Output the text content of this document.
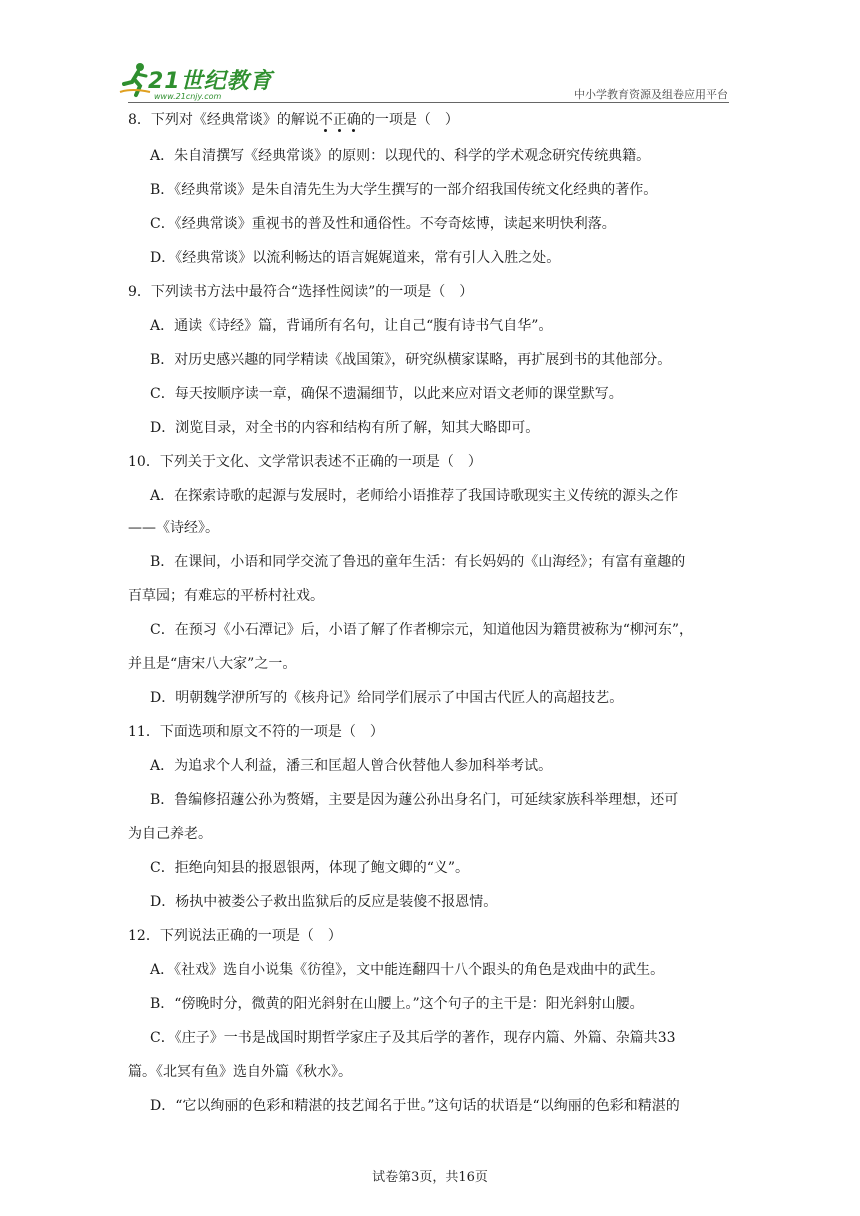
21世纪教育
www.21cnjy.com	中小学教育资源及组卷应用平台
8．下列对《经典常谈》的解说不正确的一项是（　）
A．朱自清撰写《经典常谈》的原则：以现代的、科学的学术观念研究传统典籍。
B．《经典常谈》是朱自清先生为大学生撰写的一部介绍我国传统文化经典的著作。
C．《经典常谈》重视书的普及性和通俗性。不夸奇炫博，读起来明快利落。
D．《经典常谈》以流利畅达的语言娓娓道来，常有引人入胜之处。
9．下列读书方法中最符合“选择性阅读”的一项是（　）
A．通读《诗经》篇，背诵所有名句，让自己“腹有诗书气自华”。
B．对历史感兴趣的同学精读《战国策》，研究纵横家谋略，再扩展到书的其他部分。
C．每天按顺序读一章，确保不遗漏细节，以此来应对语文老师的课堂默写。
D．浏览目录，对全书的内容和结构有所了解，知其大略即可。
10．下列关于文化、文学常识表述不正确的一项是（　）
A．在探索诗歌的起源与发展时，老师给小语推荐了我国诗歌现实主义传统的源头之作
——《诗经》。
B．在课间，小语和同学交流了鲁迅的童年生活：有长妈妈的《山海经》；有富有童趣的
百草园；有难忘的平桥村社戏。
C．在预习《小石潭记》后，小语了解了作者柳宗元，知道他因为籍贯被称为“柳河东”，
并且是“唐宋八大家”之一。
D．明朝魏学洢所写的《核舟记》给同学们展示了中国古代匠人的高超技艺。
11．下面选项和原文不符的一项是（　）
A．为追求个人利益，潘三和匡超人曾合伙替他人参加科举考试。
B．鲁编修招蘧公孙为赘婿，主要是因为蘧公孙出身名门，可延续家族科举理想，还可
为自己养老。
C．拒绝向知县的报恩银两，体现了鲍文卿的“义”。
D．杨执中被娄公子救出监狱后的反应是装傻不报恩情。
12．下列说法正确的一项是（　）
A．《社戏》选自小说集《彷徨》，文中能连翻四十八个跟头的角色是戏曲中的武生。
B．“傍晚时分，微黄的阳光斜射在山腰上。”这个句子的主干是：阳光斜射山腰。
C．《庄子》一书是战国时期哲学家庄子及其后学的著作，现存内篇、外篇、杂篇共33
篇。《北冥有鱼》选自外篇《秋水》。
D．“它以绚丽的色彩和精湛的技艺闻名于世。”这句话的状语是“以绚丽的色彩和精湛的
试卷第3页，共16页
